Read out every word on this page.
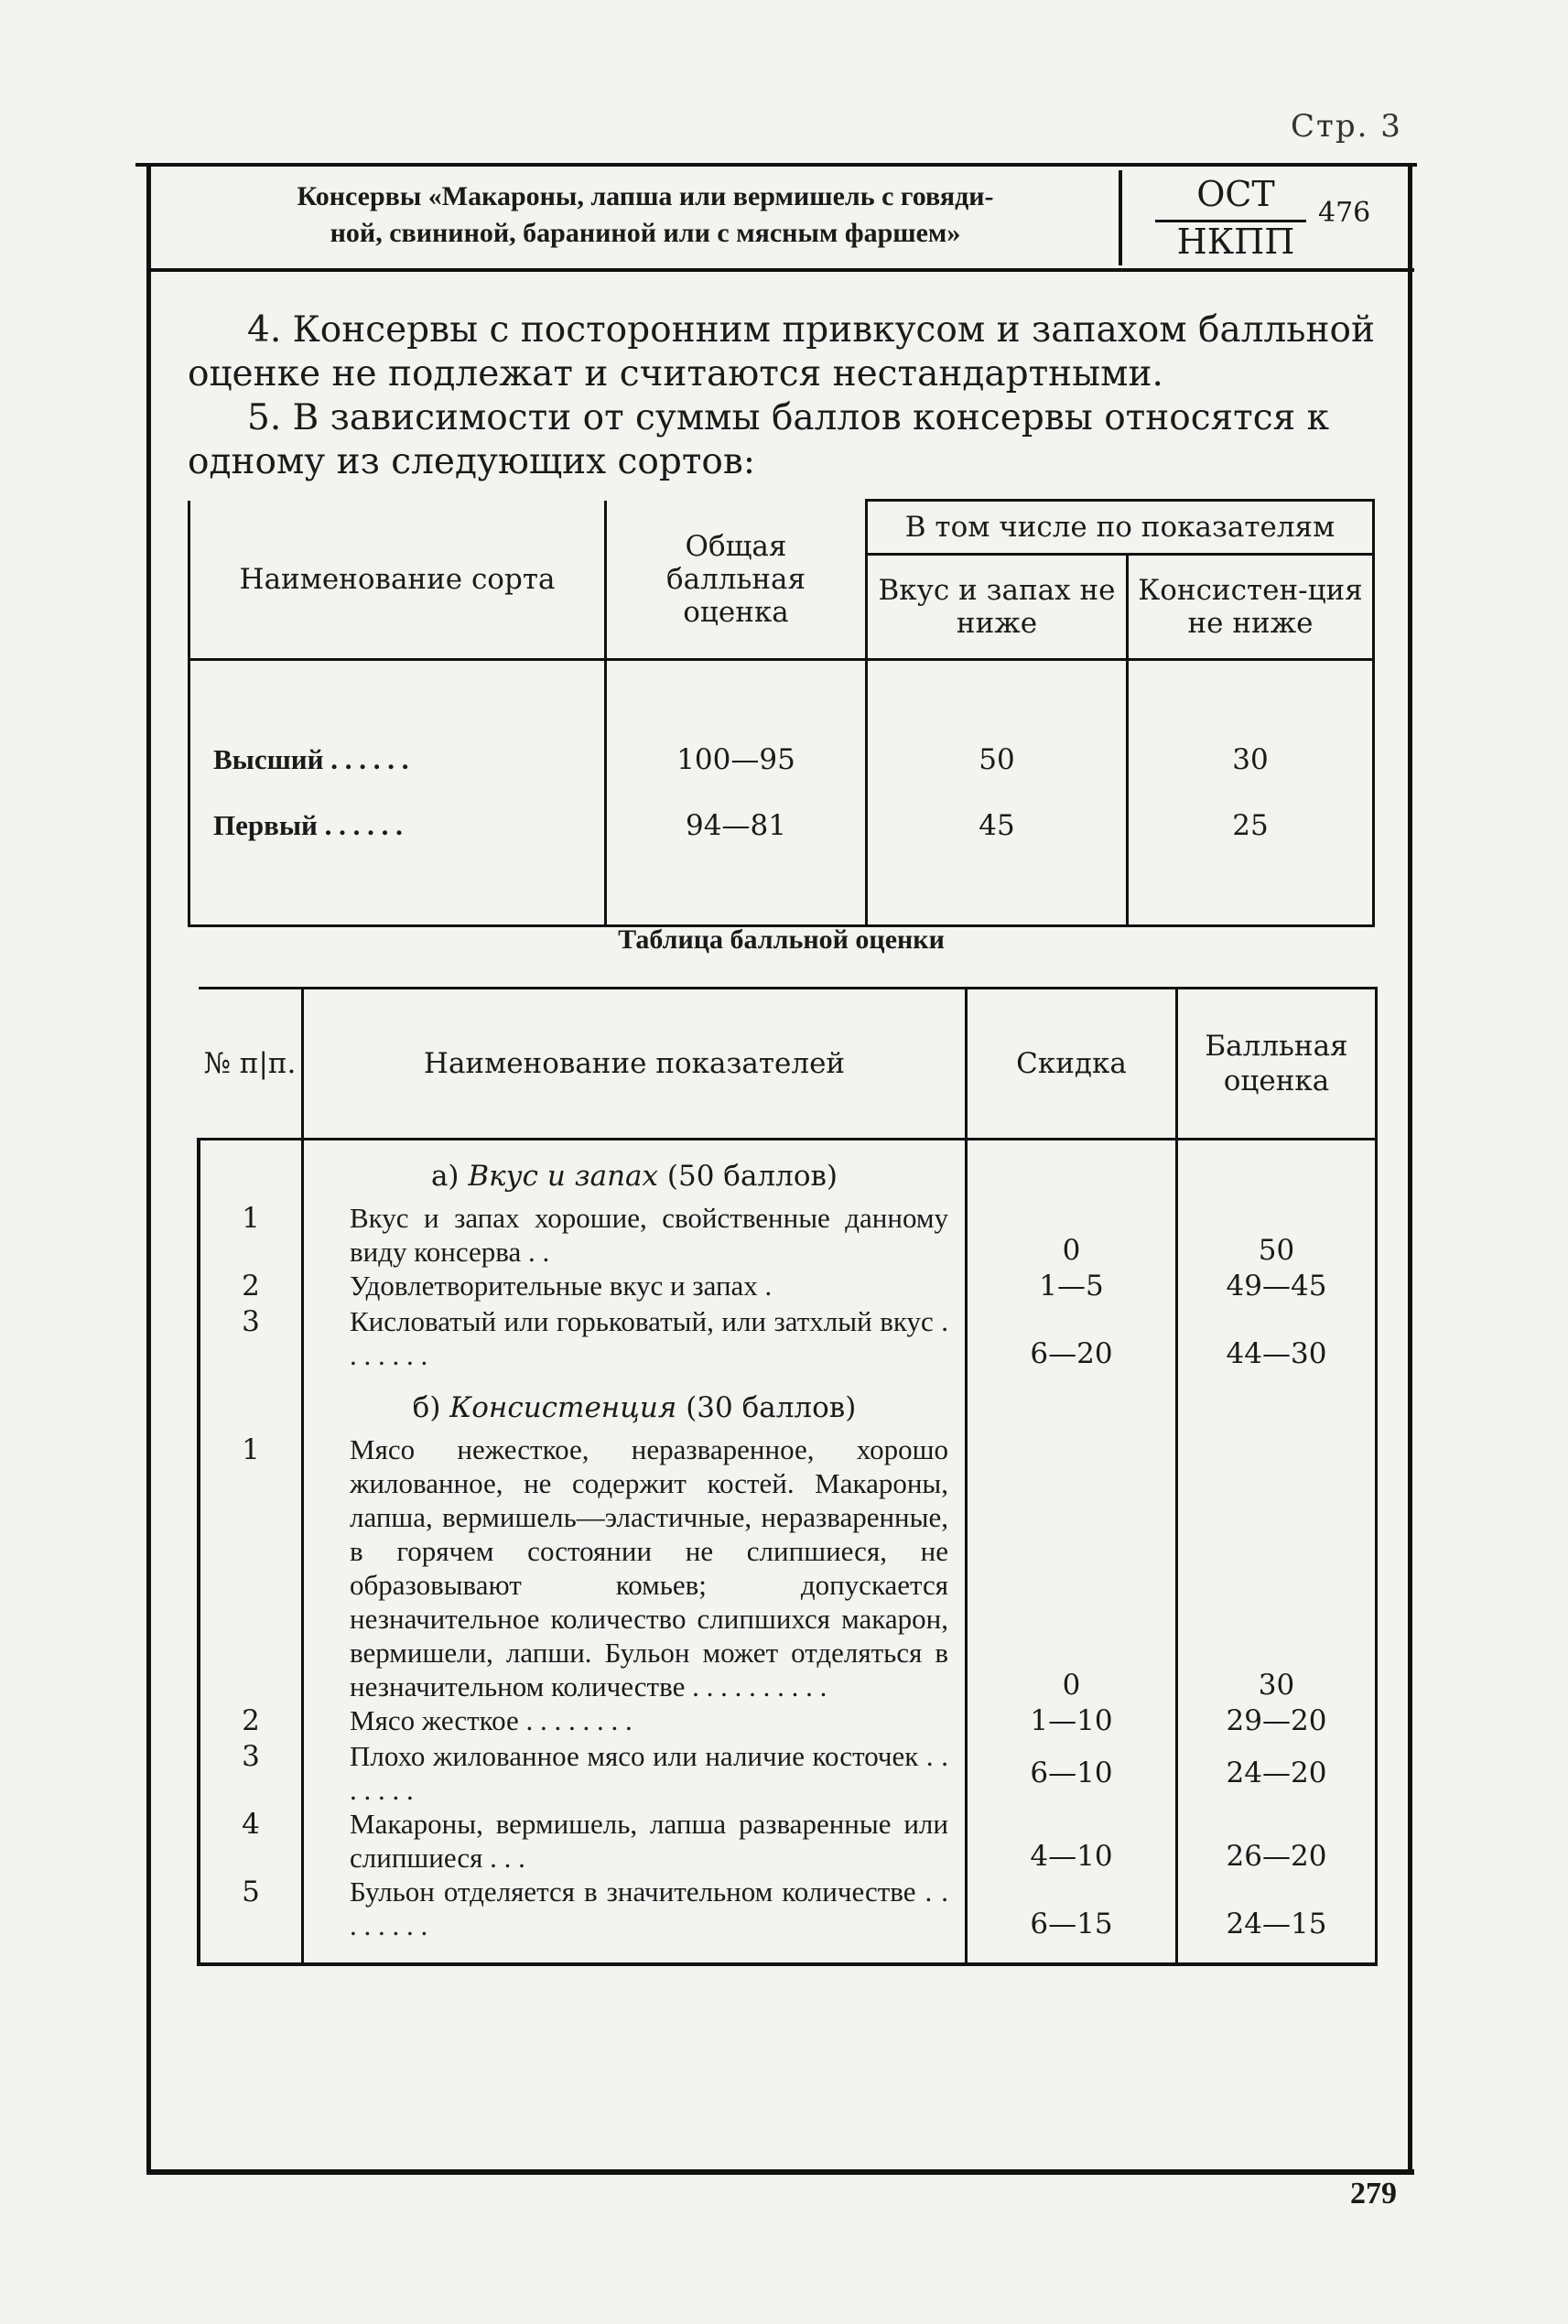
Стр. 3
Консервы «Макароны, лапша или вермишель с говяди-
ной, свининой, бараниной или с мясным фаршем»
ОСТ
НКПП
476
4. Консервы с посторонним привкусом и запахом балльной оценке не подлежат и считаются нестандартными.
5. В зависимости от суммы баллов консервы относятся к одному из следующих сортов:
Наименование сорта	Общая балльная оценка	В том числе по показателям	
		Вкус и запах не ниже	Консистен-ция не ниже

Высший . . . . . .	100—95	50	30
Первый . . . . . .	94—81	45	25

Таблица балльной оценки
№ п|п.	Наименование показателей	Скидка	Балльная оценка

	а) Вкус и запах (50 баллов)		

1	Вкус и запах хорошие, свойственные данному виду консерва . .	0	50
2	Удовлетворительные вкус и запах .	1—5	49—45
3	Кисловатый или горьковатый, или затхлый вкус . . . . . . .	6—20	44—30

	б) Консистенция (30 баллов)		

1	Мясо нежесткое, неразваренное, хорошо жилованное, не содержит костей. Макароны, лапша, вермишель—эластичные, неразваренные, в горячем состоянии не слипшиеся, не образовывают комьев; допускается незначительное количество слипшихся макарон, вермишели, лапши. Бульон может отделяться в незначительном количестве . . . . . . . . . .	0	30
2	Мясо жесткое . . . . . . . .	1—10	29—20
3	Плохо жилованное мясо или наличие косточек . . . . . . .	6—10	24—20
4	Макароны, вермишель, лапша разваренные или слипшиеся . . .	4—10	26—20
5	Бульон отделяется в значительном количестве . . . . . . . .	6—15	24—15

279
